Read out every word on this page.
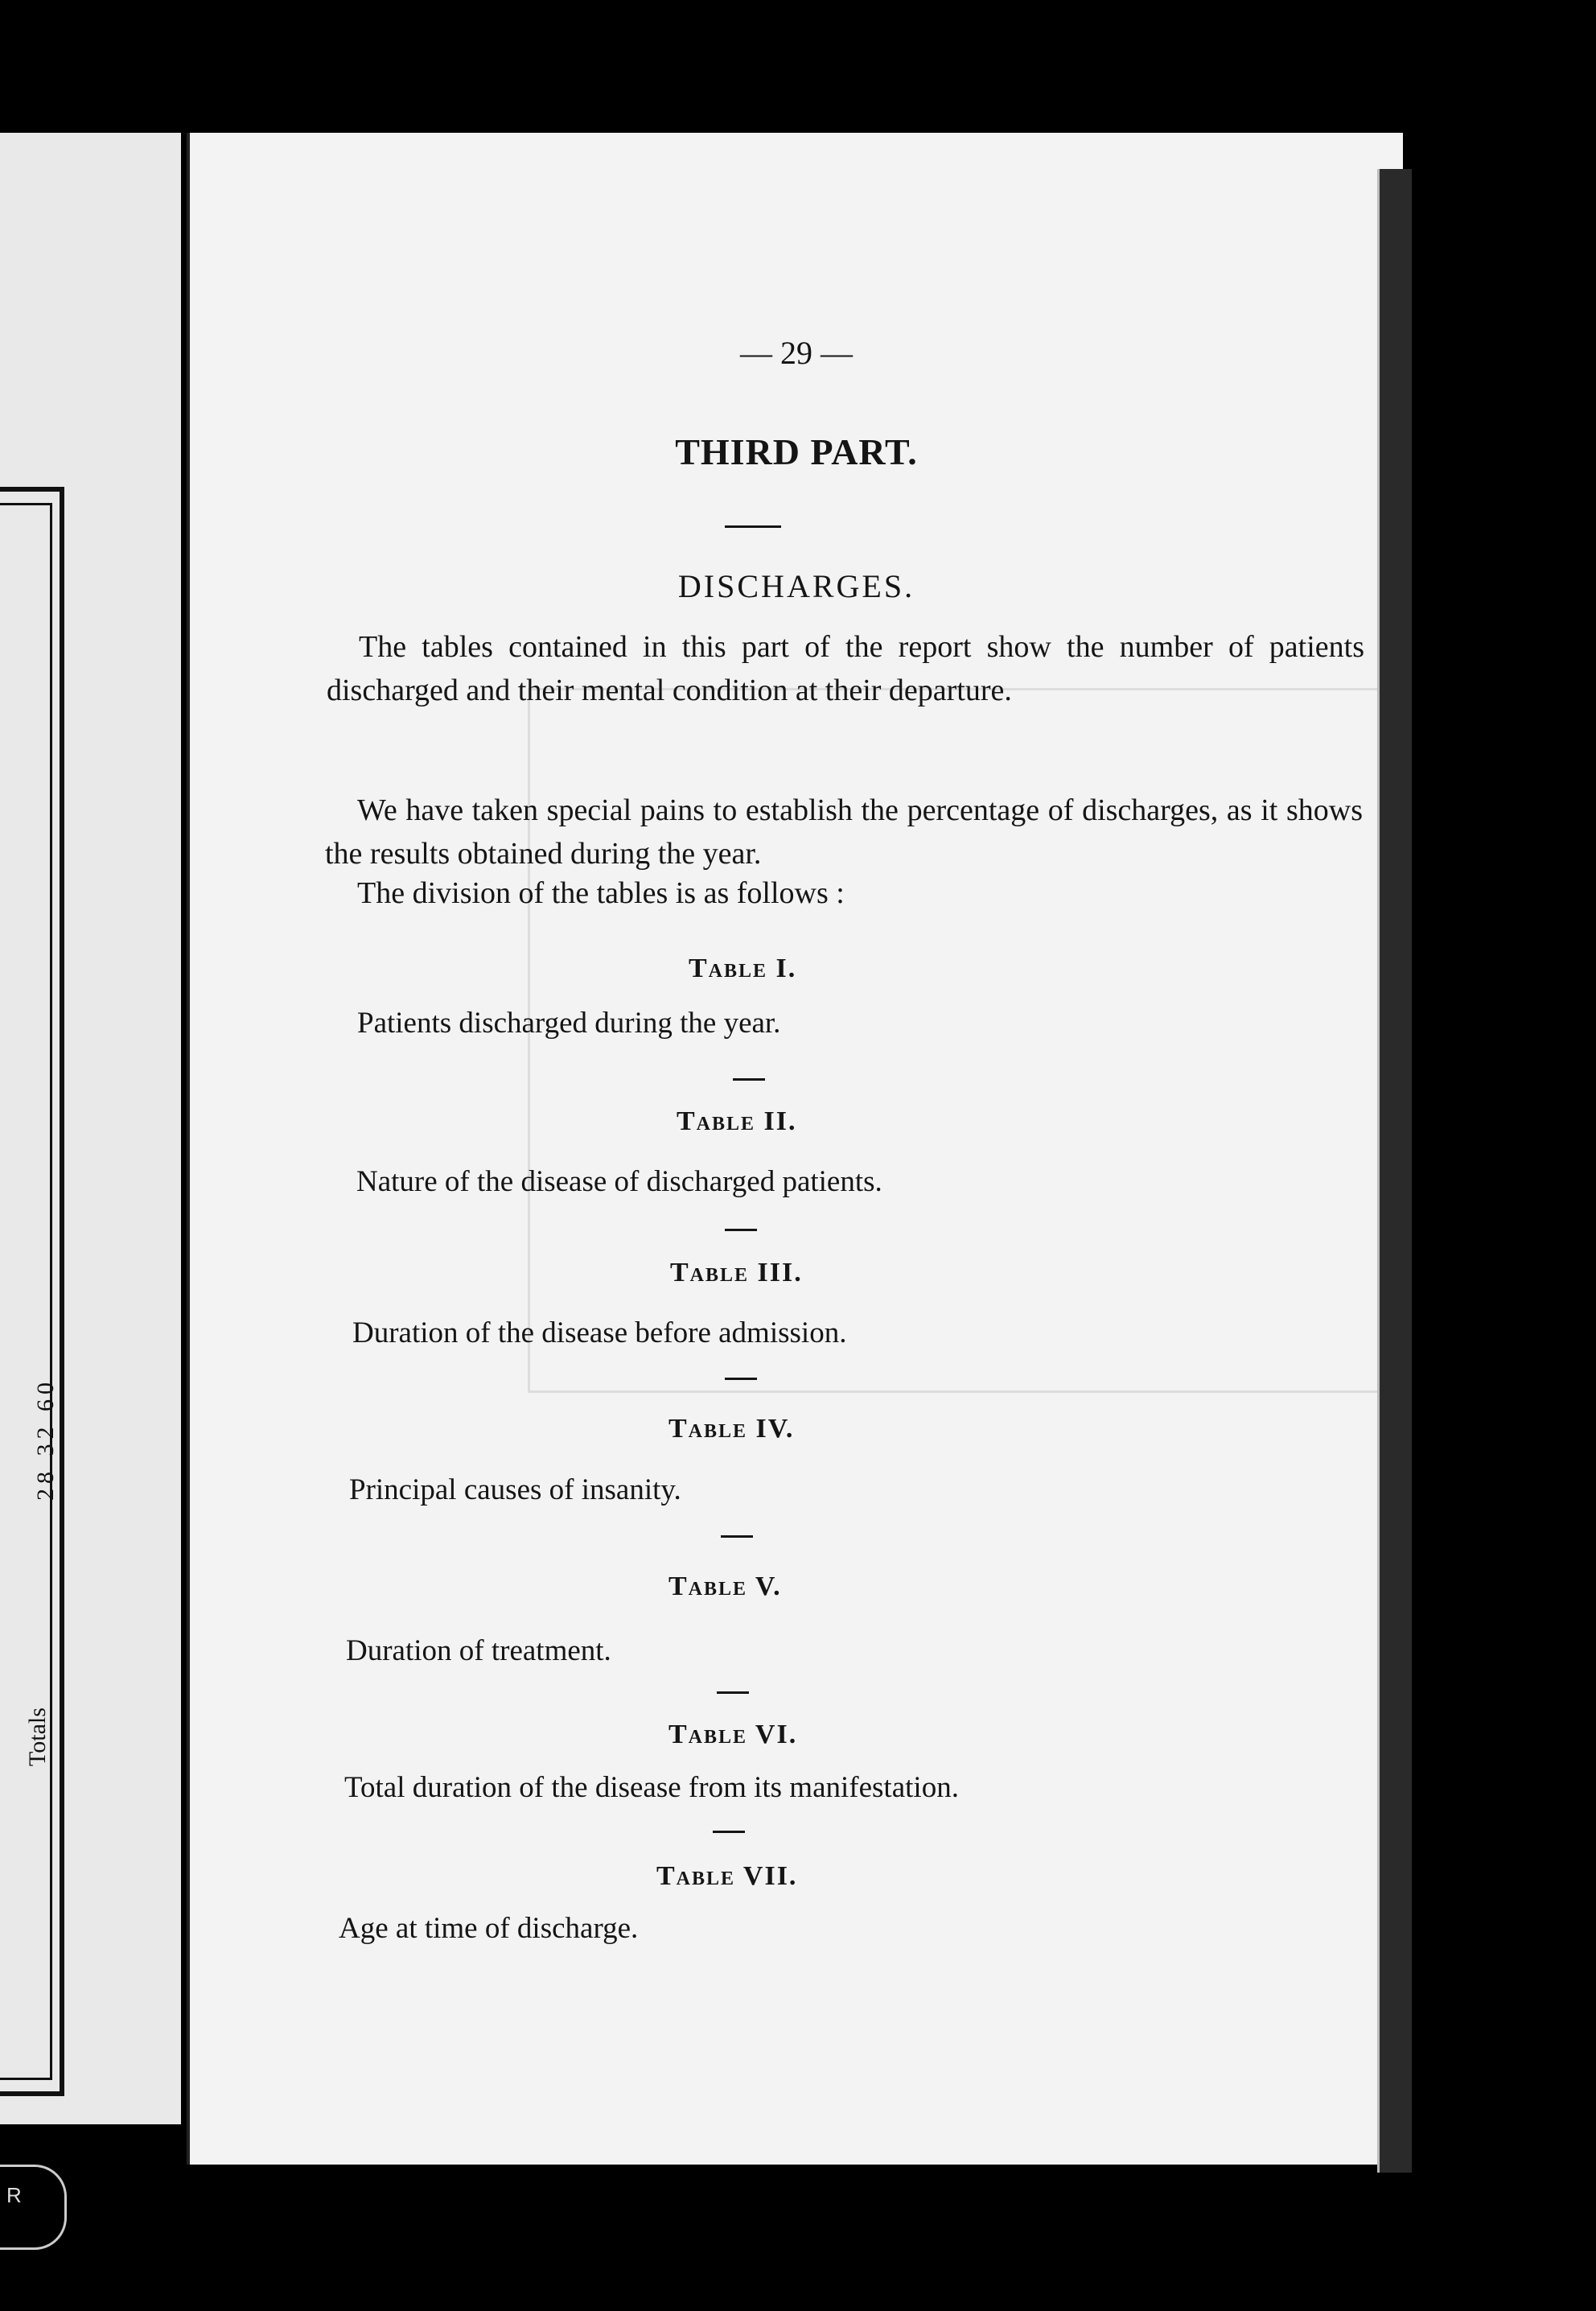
28 32 60
Totals
R
— 29 —
THIRD PART.
DISCHARGES.
The tables contained in this part of the report show the number of patients discharged and their mental condition at their departure.
We have taken special pains to establish the percentage of discharges, as it shows the results obtained during the year.
The division of the tables is as follows :
Table I.
Patients discharged during the year.
Table II.
Nature of the disease of discharged patients.
Table III.
Duration of the disease before admission.
Table IV.
Principal causes of insanity.
Table V.
Duration of treatment.
Table VI.
Total duration of the disease from its manifestation.
Table VII.
Age at time of discharge.
